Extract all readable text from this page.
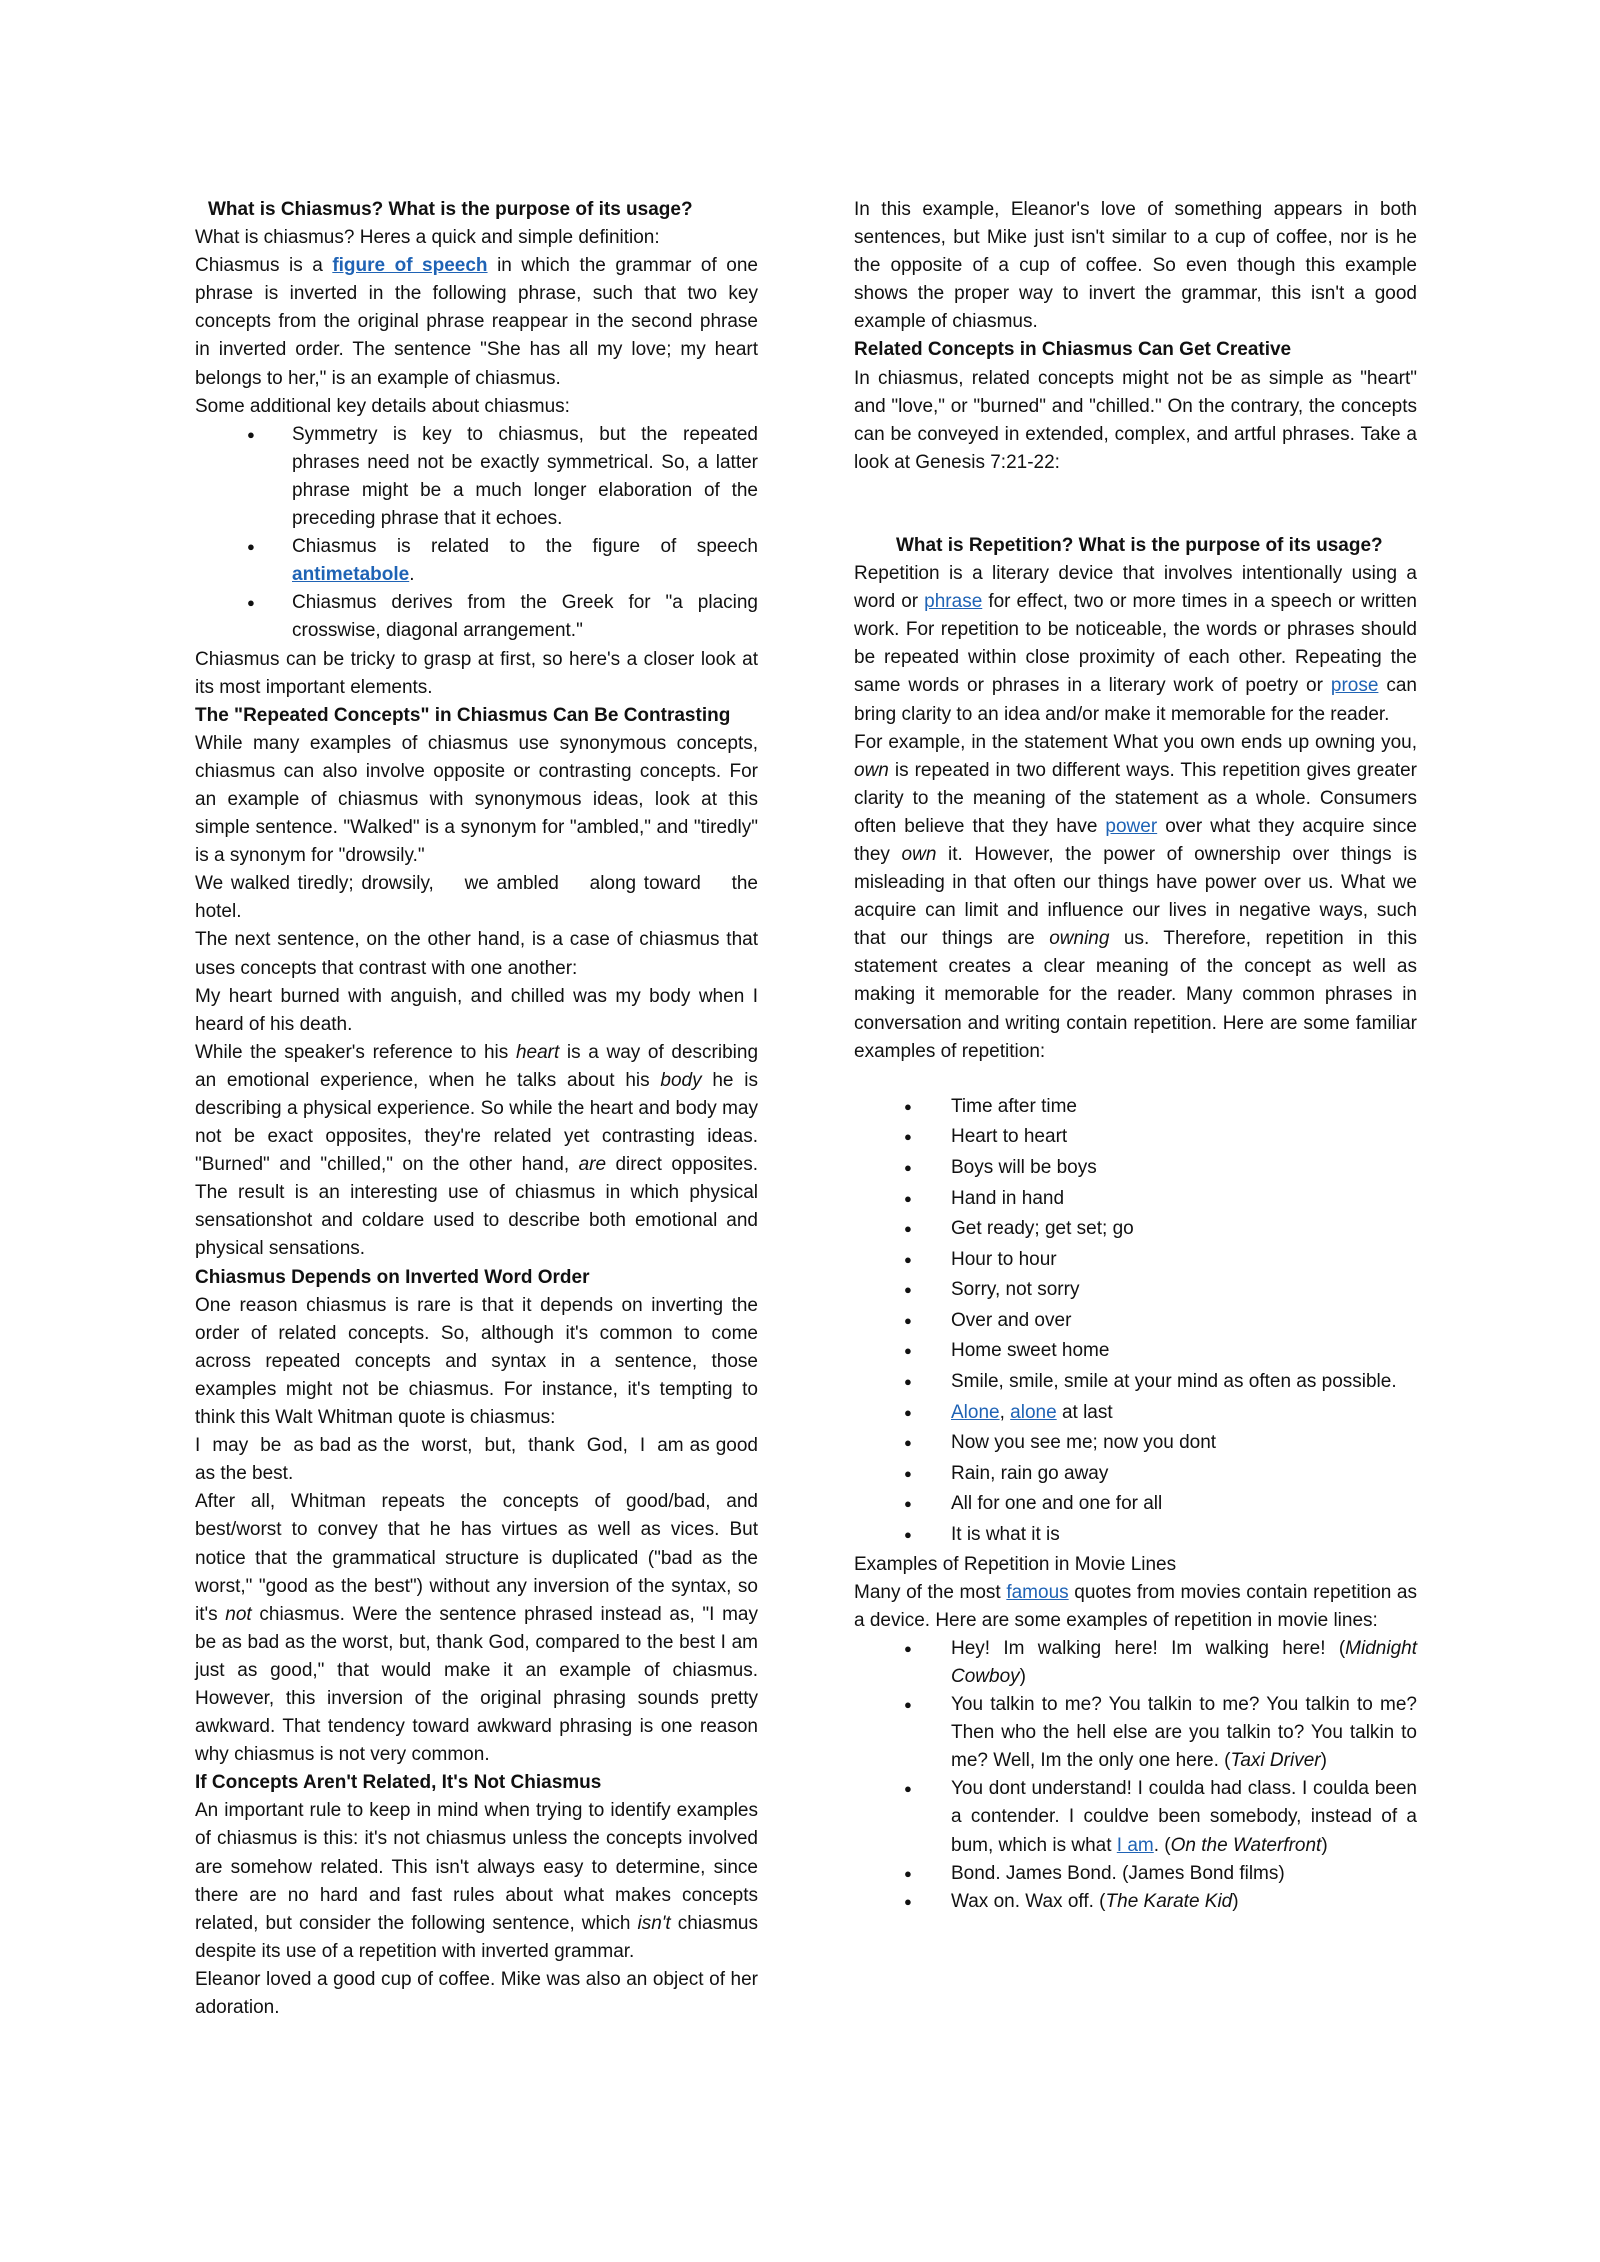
What is Chiasmus? What is the purpose of its usage?

What is chiasmus? Heres a quick and simple definition:

Chiasmus is a figure of speech in which the grammar of one phrase is inverted in the following phrase, such that two key concepts from the original phrase reappear in the second phrase in inverted order. The sentence "She has all my love; my heart belongs to her," is an example of chiasmus.

Some additional key details about chiasmus:

● Symmetry is key to chiasmus, but the repeated phrases need not be exactly symmetrical. So, a latter phrase might be a much longer elaboration of the preceding phrase that it echoes.
● Chiasmus is related to the figure of speech antimetabole.
● Chiasmus derives from the Greek for "a placing crosswise, diagonal arrangement."

Chiasmus can be tricky to grasp at first, so here's a closer look at its most important elements.

The "Repeated Concepts" in Chiasmus Can Be Contrasting

While many examples of chiasmus use synonymous concepts, chiasmus can also involve opposite or contrasting concepts. For an example of chiasmus with synonymous ideas, look at this simple sentence. "Walked" is a synonym for "ambled," and "tiredly" is a synonym for "drowsily."

We walked tiredly; drowsily,    we ambled    along toward    the hotel.

The next sentence, on the other hand, is a case of chiasmus that uses concepts that contrast with one another:

My heart burned with anguish, and chilled was my body when I heard of his death.

While the speaker's reference to his heart is a way of describing an emotional experience, when he talks about his body he is describing a physical experience. So while the heart and body may not be exact opposites, they're related yet contrasting ideas. "Burned" and "chilled," on the other hand, are direct opposites. The result is an interesting use of chiasmus in which physical sensationshot and coldare used to describe both emotional and physical sensations.

Chiasmus Depends on Inverted Word Order

One reason chiasmus is rare is that it depends on inverting the order of related concepts. So, although it's common to come across repeated concepts and syntax in a sentence, those examples might not be chiasmus. For instance, it's tempting to think this Walt Whitman quote is chiasmus:

I  may  be  as bad as the  worst,  but,  thank  God,  I  am as good as the best.

After all, Whitman repeats the concepts of good/bad, and best/worst to convey that he has virtues as well as vices. But notice that the grammatical structure is duplicated ("bad as the worst," "good as the best") without any inversion of the syntax, so it's not chiasmus. Were the sentence phrased instead as, "I may be as bad as the worst, but, thank God, compared to the best I am just as good," that would make it an example of chiasmus. However, this inversion of the original phrasing sounds pretty awkward. That tendency toward awkward phrasing is one reason why chiasmus is not very common.

If Concepts Aren't Related, It's Not Chiasmus

An important rule to keep in mind when trying to identify examples of chiasmus is this: it's not chiasmus unless the concepts involved are somehow related. This isn't always easy to determine, since there are no hard and fast rules about what makes concepts related, but consider the following sentence, which isn't chiasmus despite its use of a repetition with inverted grammar.

Eleanor loved a good cup of coffee. Mike was also an object of her adoration.

In this example, Eleanor's love of something appears in both sentences, but Mike just isn't similar to a cup of coffee, nor is he the opposite of a cup of coffee. So even though this example shows the proper way to invert the grammar, this isn't a good example of chiasmus.

Related Concepts in Chiasmus Can Get Creative

In chiasmus, related concepts might not be as simple as "heart" and "love," or "burned" and "chilled." On the contrary, the concepts can be conveyed in extended, complex, and artful phrases. Take a look at Genesis 7:21-22:

What is Repetition? What is the purpose of its usage?

Repetition is a literary device that involves intentionally using a word or phrase for effect, two or more times in a speech or written work. For repetition to be noticeable, the words or phrases should be repeated within close proximity of each other. Repeating the same words or phrases in a literary work of poetry or prose can bring clarity to an idea and/or make it memorable for the reader.

For example, in the statement What you own ends up owning you, own is repeated in two different ways. This repetition gives greater clarity to the meaning of the statement as a whole. Consumers often believe that they have power over what they acquire since they own it. However, the power of ownership over things is misleading in that often our things have power over us. What we acquire can limit and influence our lives in negative ways, such that our things are owning us. Therefore, repetition in this statement creates a clear meaning of the concept as well as making it memorable for the reader. Many common phrases in conversation and writing contain repetition. Here are some familiar examples of repetition:

● Time after time
● Heart to heart
● Boys will be boys
● Hand in hand
● Get ready; get set; go
● Hour to hour
● Sorry, not sorry
● Over and over
● Home sweet home
● Smile, smile, smile at your mind as often as possible.
● Alone, alone at last
● Now you see me; now you dont
● Rain, rain go away
● All for one and one for all
● It is what it is

Examples of Repetition in Movie Lines

Many of the most famous quotes from movies contain repetition as a device. Here are some examples of repetition in movie lines:

● Hey! Im walking here! Im walking here! (Midnight Cowboy)
● You talkin to me? You talkin to me? You talkin to me? Then who the hell else are you talkin to? You talkin to me? Well, Im the only one here. (Taxi Driver)
● You dont understand! I coulda had class. I coulda been a contender. I couldve been somebody, instead of a bum, which is what I am. (On the Waterfront)
● Bond. James Bond. (James Bond films)
● Wax on. Wax off. (The Karate Kid)
